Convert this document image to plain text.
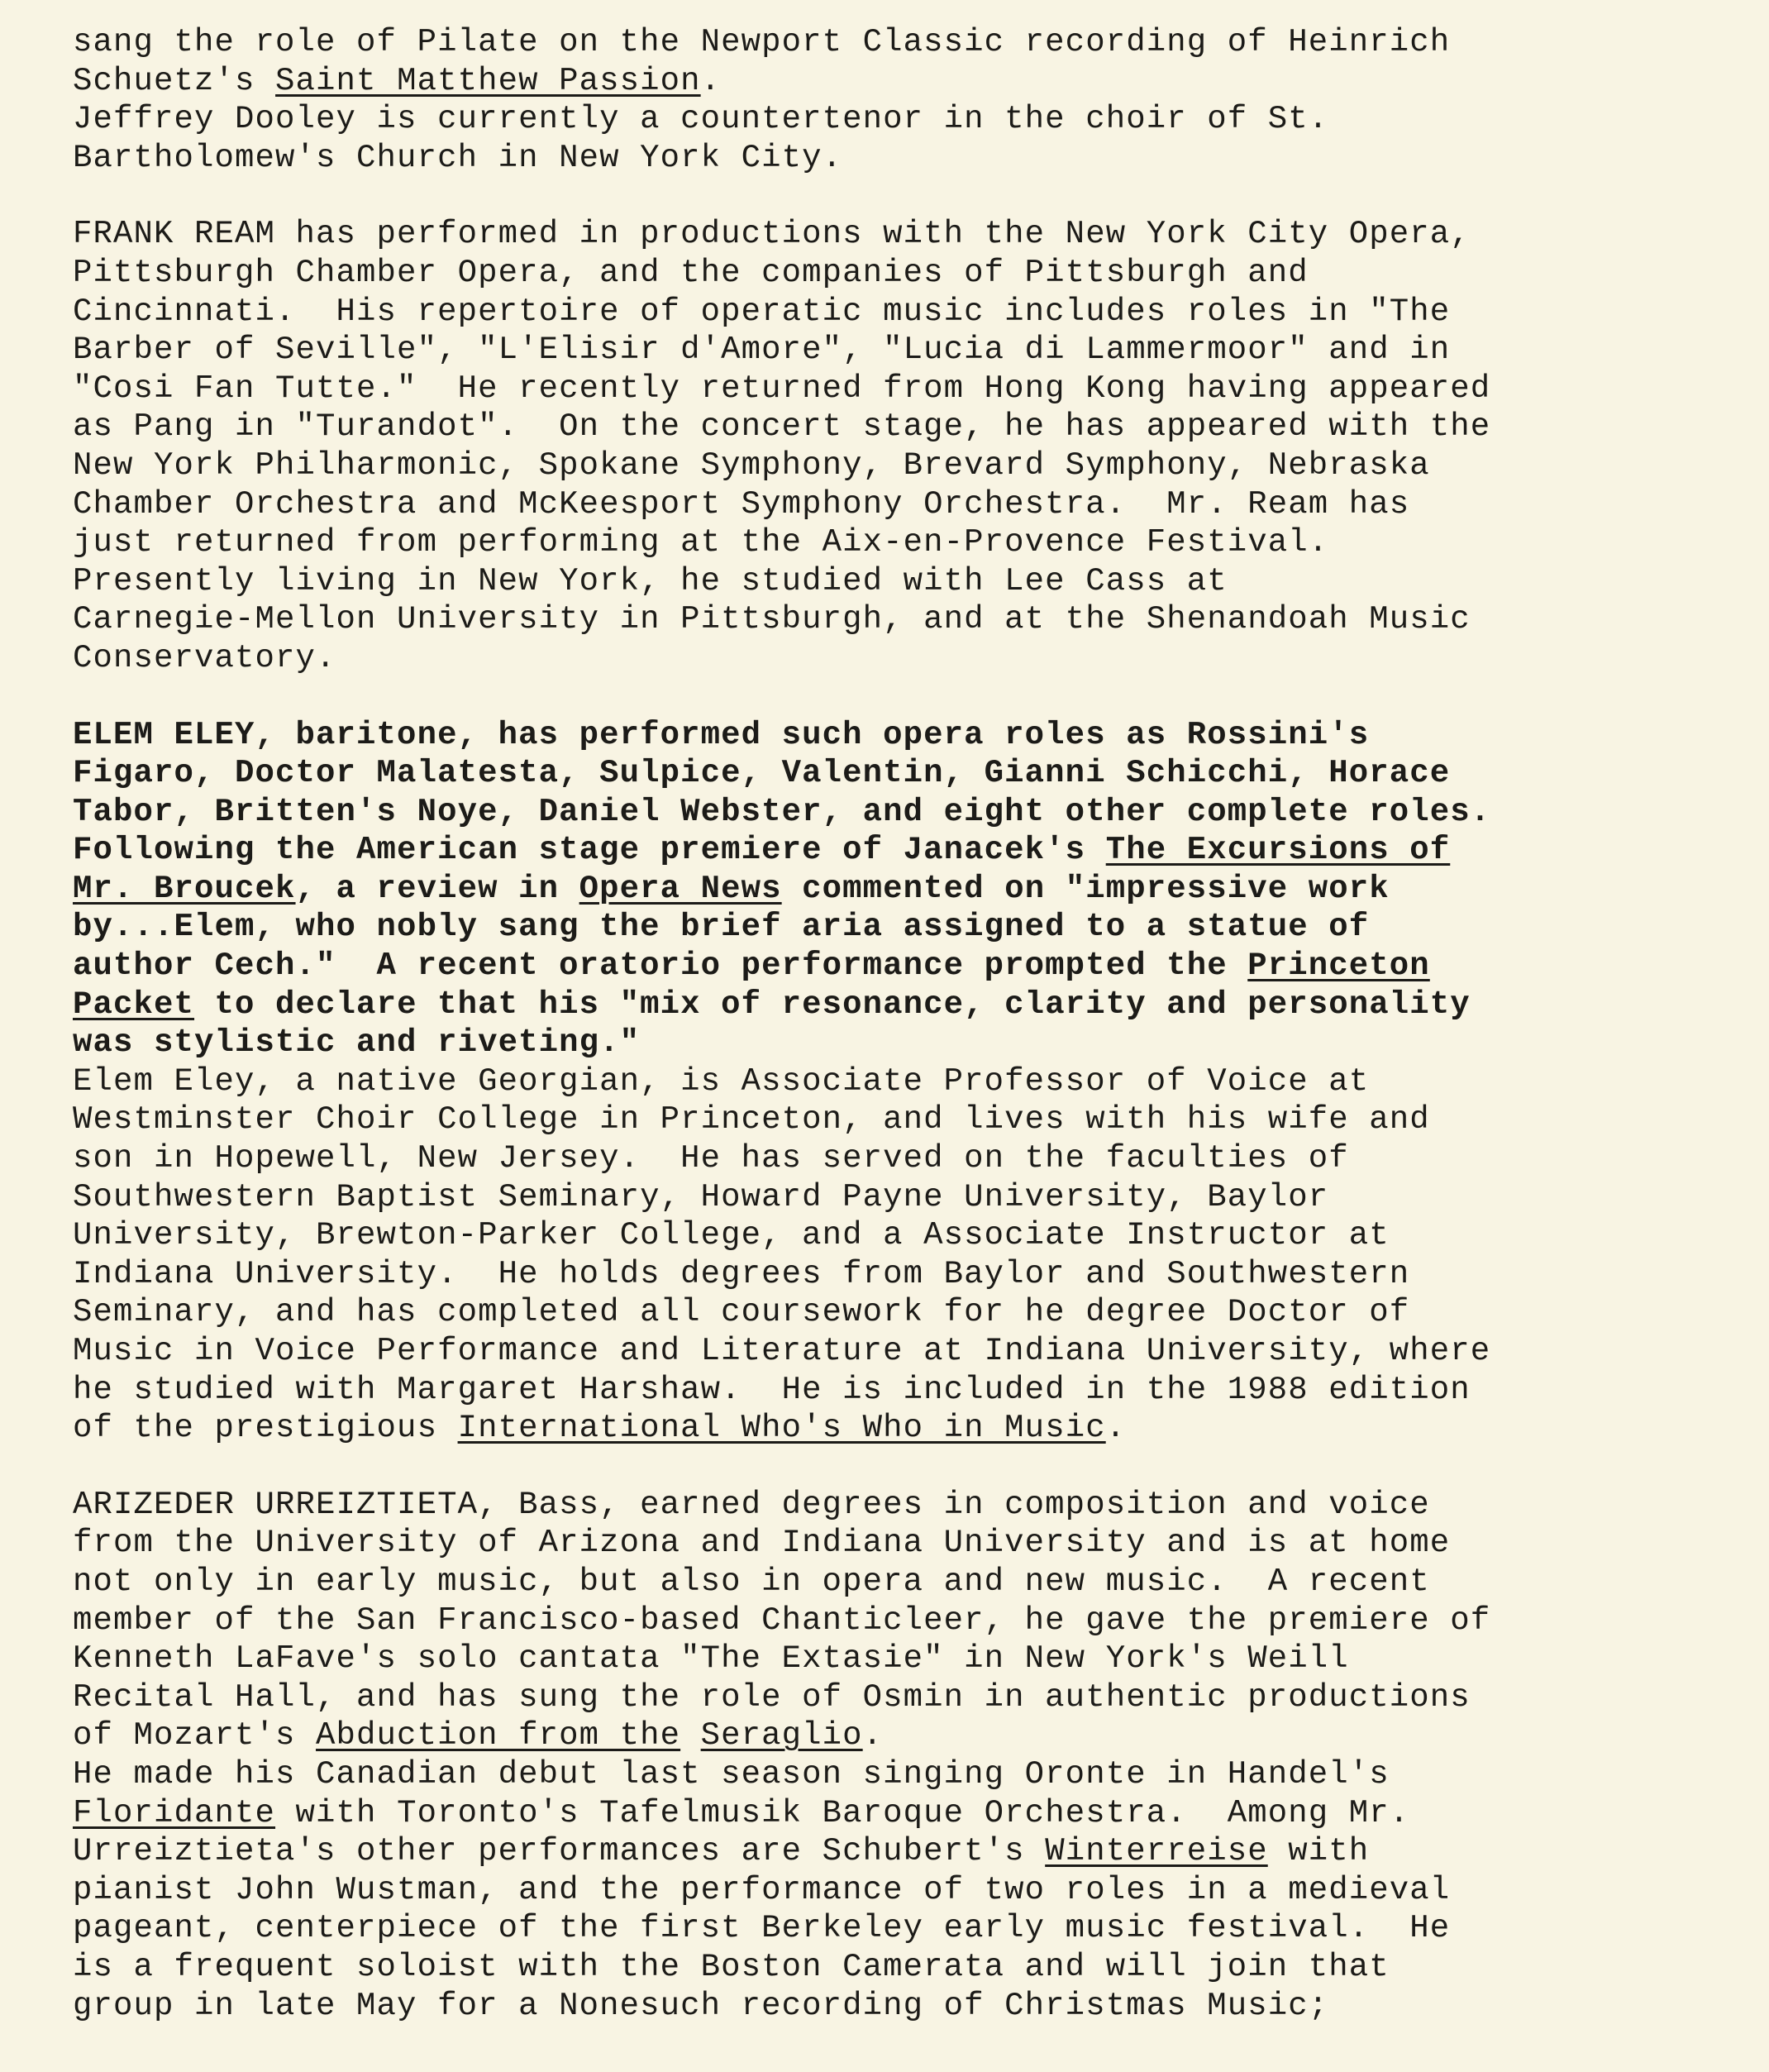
sang the role of Pilate on the Newport Classic recording of Heinrich
Schuetz's Saint Matthew Passion.
Jeffrey Dooley is currently a countertenor in the choir of St.
Bartholomew's Church in New York City.
FRANK REAM has performed in productions with the New York City Opera,
Pittsburgh Chamber Opera, and the companies of Pittsburgh and
Cincinnati.  His repertoire of operatic music includes roles in "The
Barber of Seville", "L'Elisir d'Amore", "Lucia di Lammermoor" and in
"Cosi Fan Tutte."  He recently returned from Hong Kong having appeared
as Pang in "Turandot".  On the concert stage, he has appeared with the
New York Philharmonic, Spokane Symphony, Brevard Symphony, Nebraska
Chamber Orchestra and McKeesport Symphony Orchestra.  Mr. Ream has
just returned from performing at the Aix-en-Provence Festival.
Presently living in New York, he studied with Lee Cass at
Carnegie-Mellon University in Pittsburgh, and at the Shenandoah Music
Conservatory.
ELEM ELEY, baritone, has performed such opera roles as Rossini's
Figaro, Doctor Malatesta, Sulpice, Valentin, Gianni Schicchi, Horace
Tabor, Britten's Noye, Daniel Webster, and eight other complete roles.
Following the American stage premiere of Janacek's The Excursions of
Mr. Broucek, a review in Opera News commented on "impressive work
by...Elem, who nobly sang the brief aria assigned to a statue of
author Cech."  A recent oratorio performance prompted the Princeton
Packet to declare that his "mix of resonance, clarity and personality
was stylistic and riveting."
Elem Eley, a native Georgian, is Associate Professor of Voice at
Westminster Choir College in Princeton, and lives with his wife and
son in Hopewell, New Jersey.  He has served on the faculties of
Southwestern Baptist Seminary, Howard Payne University, Baylor
University, Brewton-Parker College, and a Associate Instructor at
Indiana University.  He holds degrees from Baylor and Southwestern
Seminary, and has completed all coursework for he degree Doctor of
Music in Voice Performance and Literature at Indiana University, where
he studied with Margaret Harshaw.  He is included in the 1988 edition
of the prestigious International Who's Who in Music.
ARIZEDER URREIZTIETA, Bass, earned degrees in composition and voice
from the University of Arizona and Indiana University and is at home
not only in early music, but also in opera and new music.  A recent
member of the San Francisco-based Chanticleer, he gave the premiere of
Kenneth LaFave's solo cantata "The Extasie" in New York's Weill
Recital Hall, and has sung the role of Osmin in authentic productions
of Mozart's Abduction from the Seraglio.
He made his Canadian debut last season singing Oronte in Handel's
Floridante with Toronto's Tafelmusik Baroque Orchestra.  Among Mr.
Urreiztieta's other performances are Schubert's Winterreise with
pianist John Wustman, and the performance of two roles in a medieval
pageant, centerpiece of the first Berkeley early music festival.  He
is a frequent soloist with the Boston Camerata and will join that
group in late May for a Nonesuch recording of Christmas Music;
